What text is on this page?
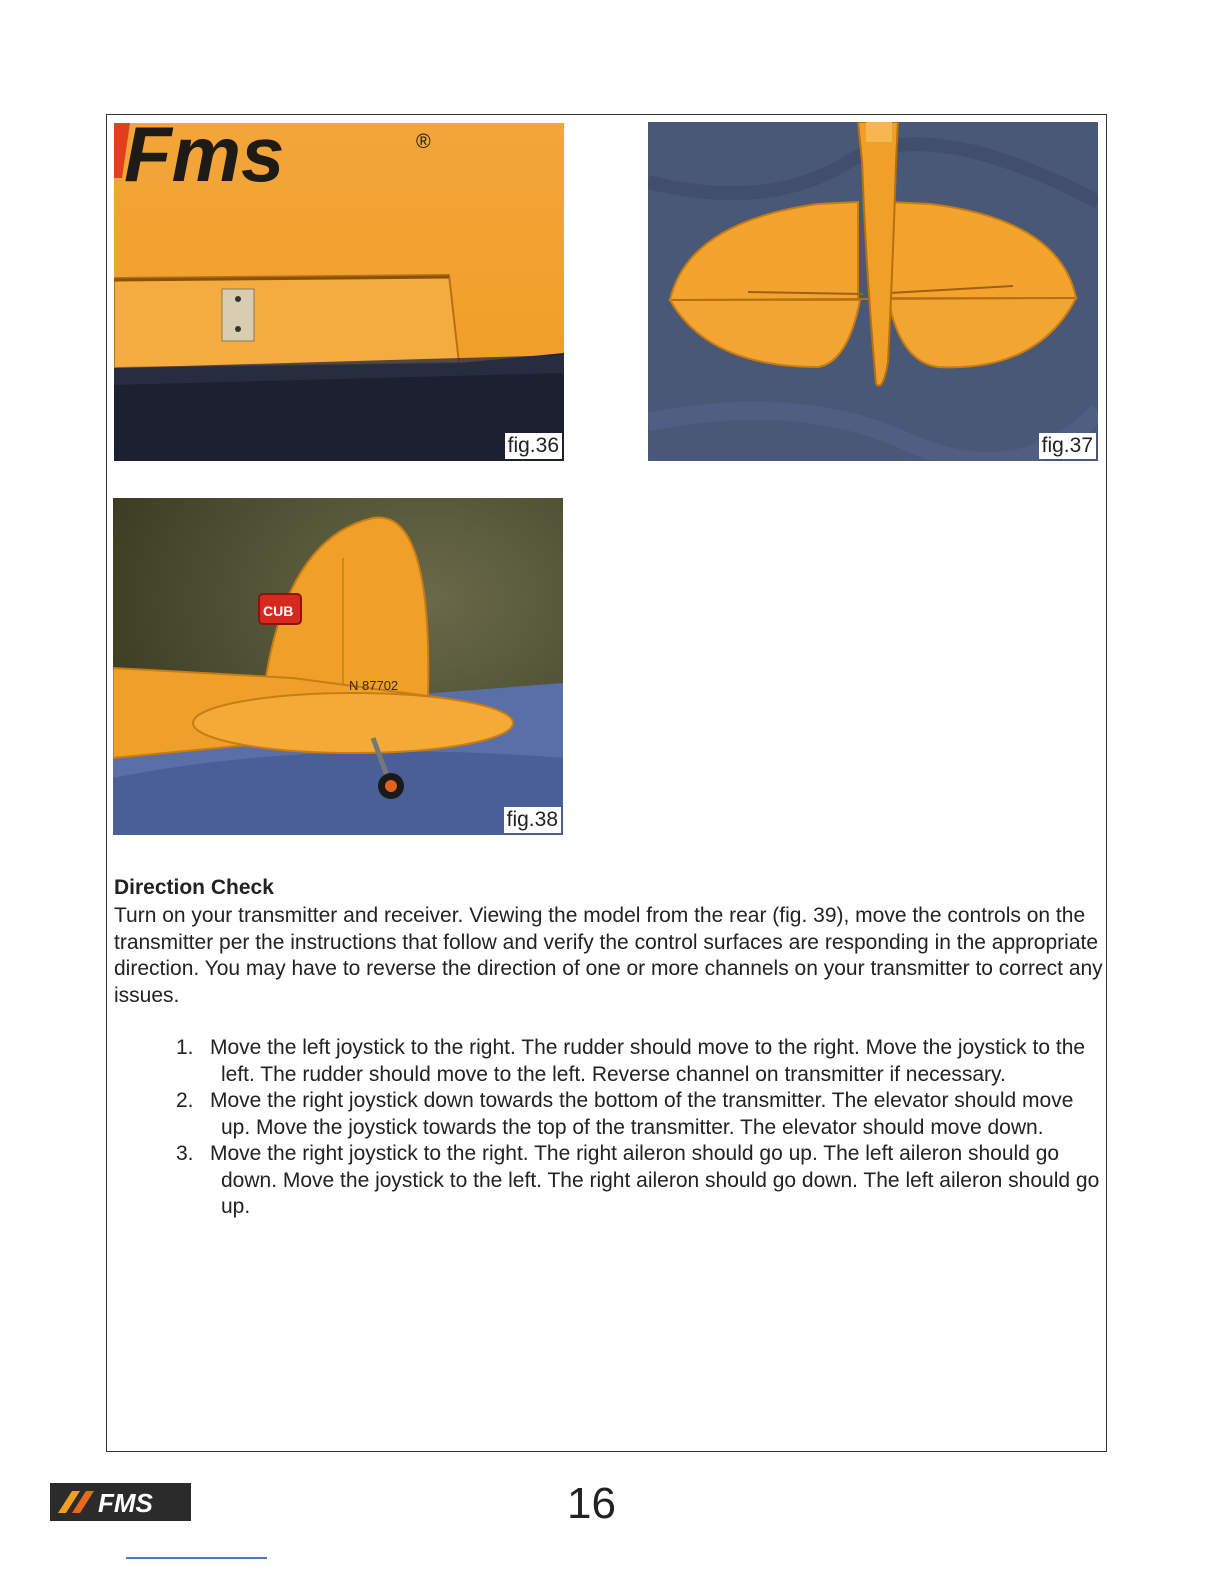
Fms	®
fig.36	fig.37
CUB
N 87702
fig.38

Direction Check

Turn on your transmitter and receiver. Viewing the model from the rear (fig. 39), move the controls on the transmitter per the instructions that follow and verify the control surfaces are responding in the appropriate direction. You may have to reverse the direction of one or more channels on your transmitter to correct any issues.

1. Move the left joystick to the right. The rudder should move to the right. Move the joystick to the left. The rudder should move to the left. Reverse channel on transmitter if necessary.
2. Move the right joystick down towards the bottom of the transmitter. The elevator should move up. Move the joystick towards the top of the transmitter. The elevator should move down.
3. Move the right joystick to the right. The right aileron should go up. The left aileron should go down. Move the joystick to the left. The right aileron should go down. The left aileron should go up.
FMS	16
